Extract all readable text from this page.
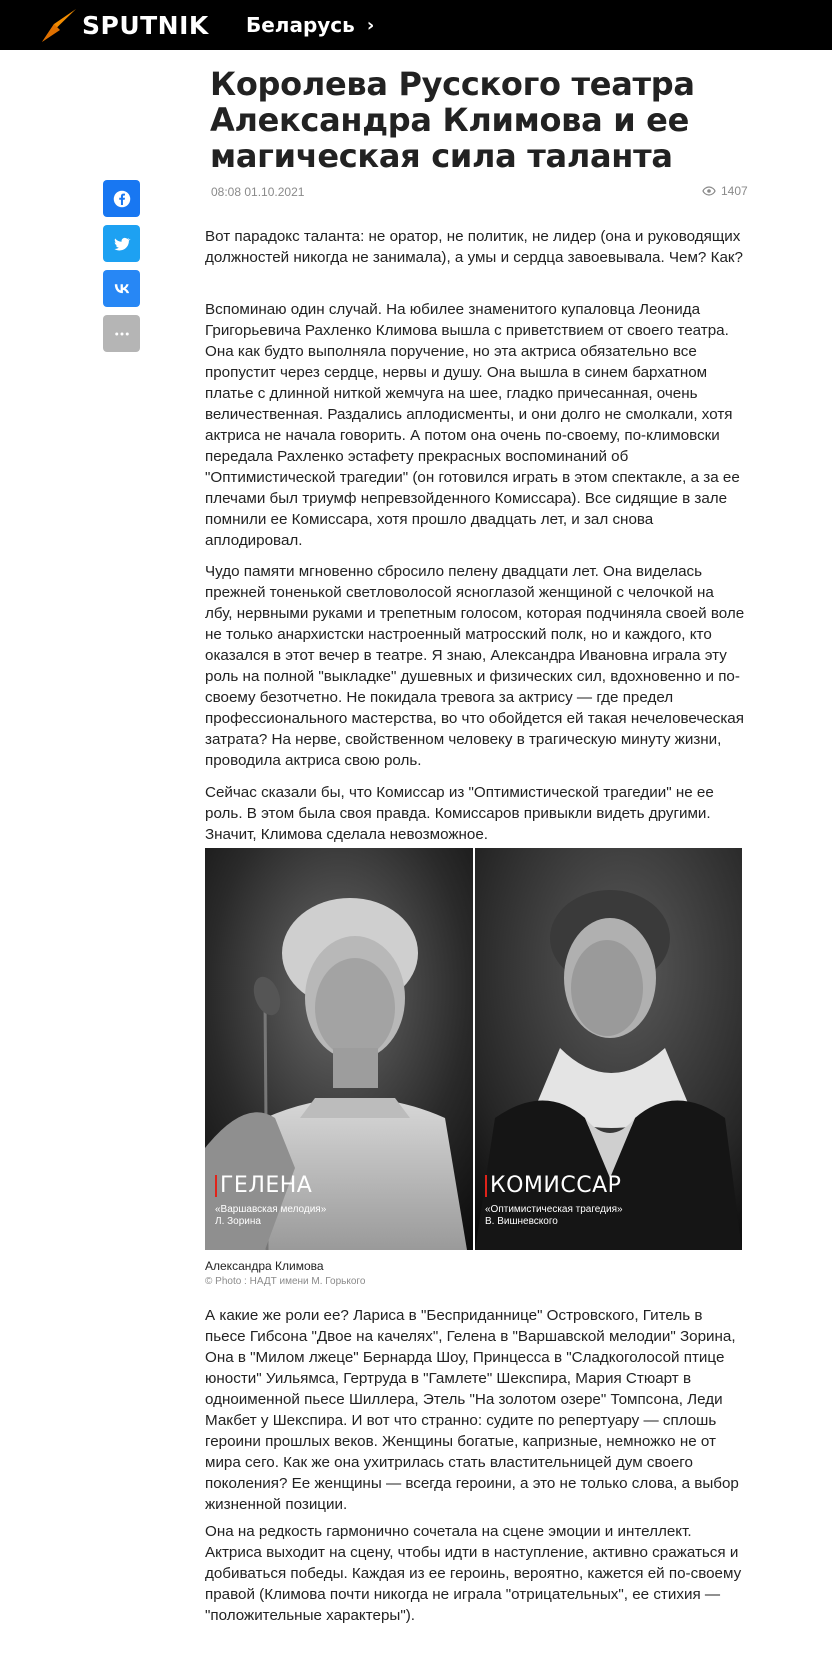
SPUTNIK Беларусь ›
Королева Русского театра Александра Климова и ее магическая сила таланта
08:08 01.10.2021	1407

Вот парадокс таланта: не оратор, не политик, не лидер (она и руководящих должностей никогда не занимала), а умы и сердца завоевывала. Чем? Как?

Вспоминаю один случай. На юбилее знаменитого купаловца Леонида Григорьевича Рахленко Климова вышла с приветствием от своего театра. Она как будто выполняла поручение, но эта актриса обязательно все пропустит через сердце, нервы и душу. Она вышла в синем бархатном платье с длинной ниткой жемчуга на шее, гладко причесанная, очень величественная. Раздались аплодисменты, и они долго не смолкали, хотя актриса не начала говорить. А потом она очень по-своему, по-климовски передала Рахленко эстафету прекрасных воспоминаний об "Оптимистической трагедии" (он готовился играть в этом спектакле, а за ее плечами был триумф непревзойденного Комиссара). Все сидящие в зале помнили ее Комиссара, хотя прошло двадцать лет, и зал снова аплодировал.

Чудо памяти мгновенно сбросило пелену двадцати лет. Она виделась прежней тоненькой светловолосой ясноглазой женщиной с челочкой на лбу, нервными руками и трепетным голосом, которая подчиняла своей воле не только анархистски настроенный матросский полк, но и каждого, кто оказался в этот вечер в театре. Я знаю, Александра Ивановна играла эту роль на полной "выкладке" душевных и физических сил, вдохновенно и по-своему безотчетно. Не покидала тревога за актрису — где предел профессионального мастерства, во что обойдется ей такая нечеловеческая затрата? На нерве, свойственном человеку в трагическую минуту жизни, проводила актриса свою роль.

Сейчас сказали бы, что Комиссар из "Оптимистической трагедии" не ее роль. В этом была своя правда. Комиссаров привыкли видеть другими. Значит, Климова сделала невозможное.

ГЕЛЕНА
«Варшавская мелодия»
Л. Зорина
КОМИССАР
«Оптимистическая трагедия»
В. Вишневского
Александра Климова
© Photo : НАДТ имени М. Горького

А какие же роли ее? Лариса в "Бесприданнице" Островского, Гитель в пьесе Гибсона "Двое на качелях", Гелена в "Варшавской мелодии" Зорина, Она в "Милом лжеце" Бернарда Шоу, Принцесса в "Сладкоголосой птице юности" Уильямса, Гертруда в "Гамлете" Шекспира, Мария Стюарт в одноименной пьесе Шиллера, Этель "На золотом озере" Томпсона, Леди Макбет у Шекспира. И вот что странно: судите по репертуару — сплошь героини прошлых веков. Женщины богатые, капризные, немножко не от мира сего. Как же она ухитрилась стать властительницей дум своего поколения? Ее женщины — всегда героини, а это не только слова, а выбор жизненной позиции.

Она на редкость гармонично сочетала на сцене эмоции и интеллект. Актриса выходит на сцену, чтобы идти в наступление, активно сражаться и добиваться победы. Каждая из ее героинь, вероятно, кажется ей по-своему правой (Климова почти никогда не играла "отрицательных", ее стихия — "положительные характеры").
